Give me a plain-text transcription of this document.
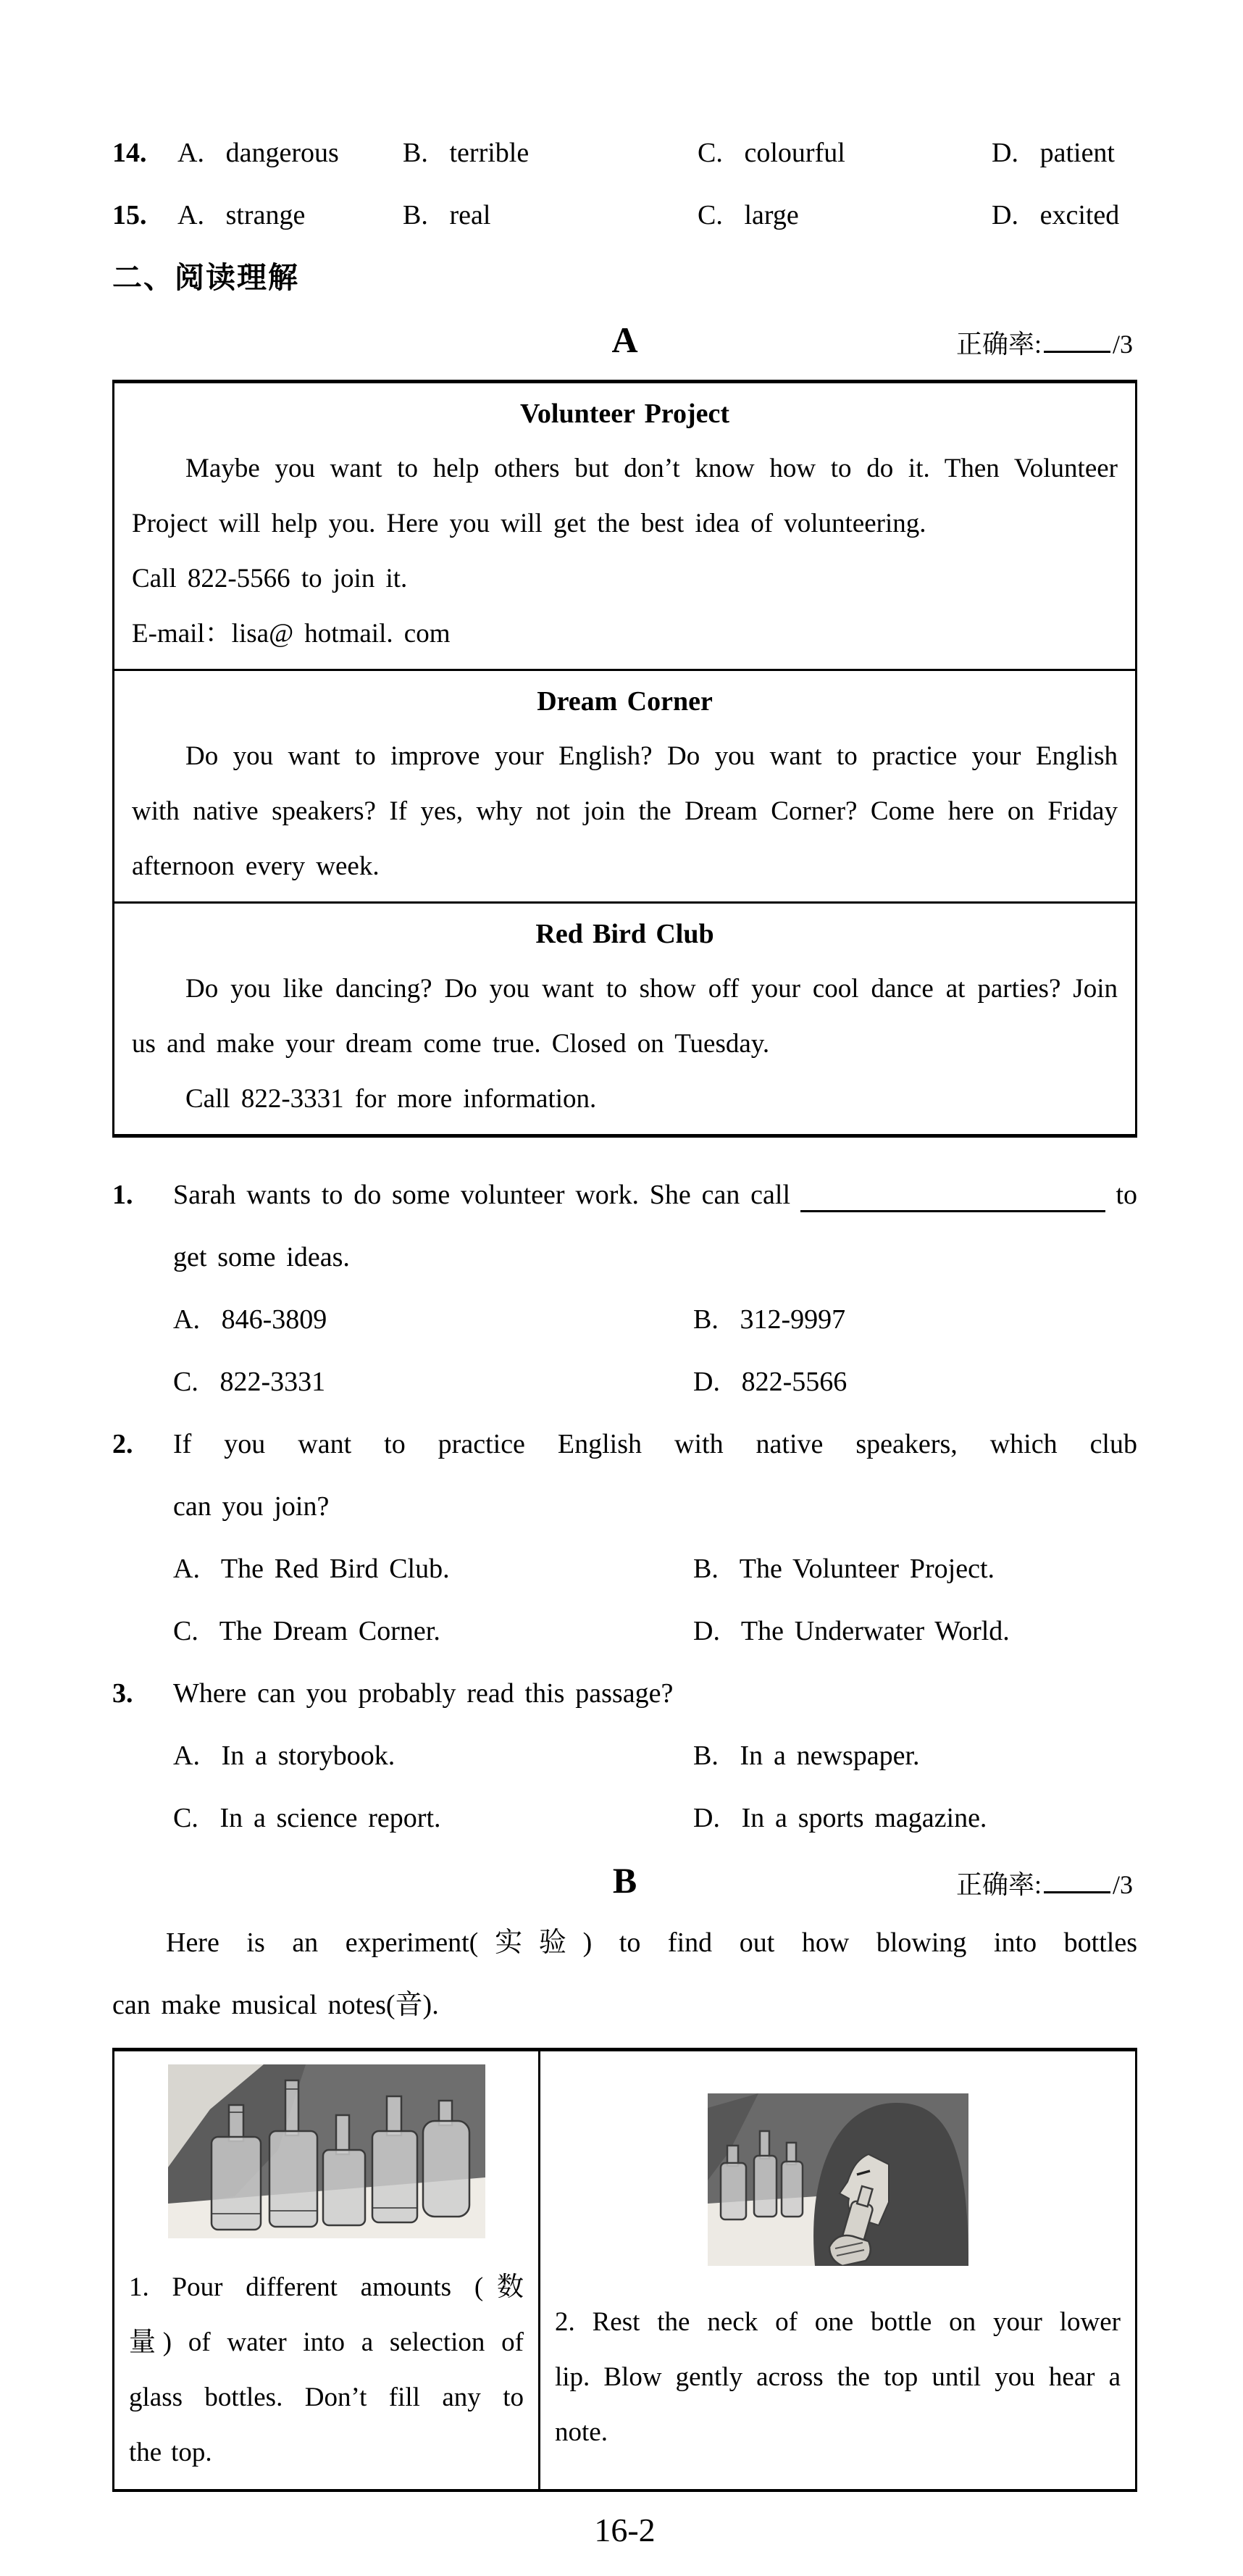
14.	A.  dangerous	B.  terrible	C.  colourful	D.  patient
15.	A.  strange	B.  real	C.  large	D.  excited
二、阅读理解
A	正确率:	/3
Volunteer Project
Maybe you want to help others but don’t know how to do it. Then Volunteer
Project will help you. Here you will get the best idea of volunteering.
Call 822-5566 to join it.
E-mail：lisa@ hotmail. com
Dream Corner
Do you want to improve your English? Do you want to practice your English
with native speakers? If yes, why not join the Dream Corner? Come here on Friday
afternoon every week.
Red Bird Club
Do you like dancing? Do you want to show off your cool dance at parties? Join
us and make your dream come true. Closed on Tuesday.
Call 822-3331 for more information.
1.	Sarah wants to do some volunteer work. She can call	to
get some ideas.
A.  846-3809	B.  312-9997
C.  822-3331	D.  822-5566
2.	If you want to practice English with native speakers, which club
can you join?
A.  The Red Bird Club.	B.  The Volunteer Project.
C.  The Dream Corner.	D.  The Underwater World.
3.	Where can you probably read this passage?
A.  In a storybook.	B.  In a newspaper.
C.  In a science report.	D.  In a sports magazine.
B	正确率:	/3
Here is an experiment(实验) to find out how blowing into bottles
can make musical notes(音).
1. Pour different amounts (数
量) of water into a selection of
glass bottles. Don’t fill any to
the top.
2. Rest the neck of one bottle on your lower
lip. Blow gently across the top until you hear a
note.
16-2
